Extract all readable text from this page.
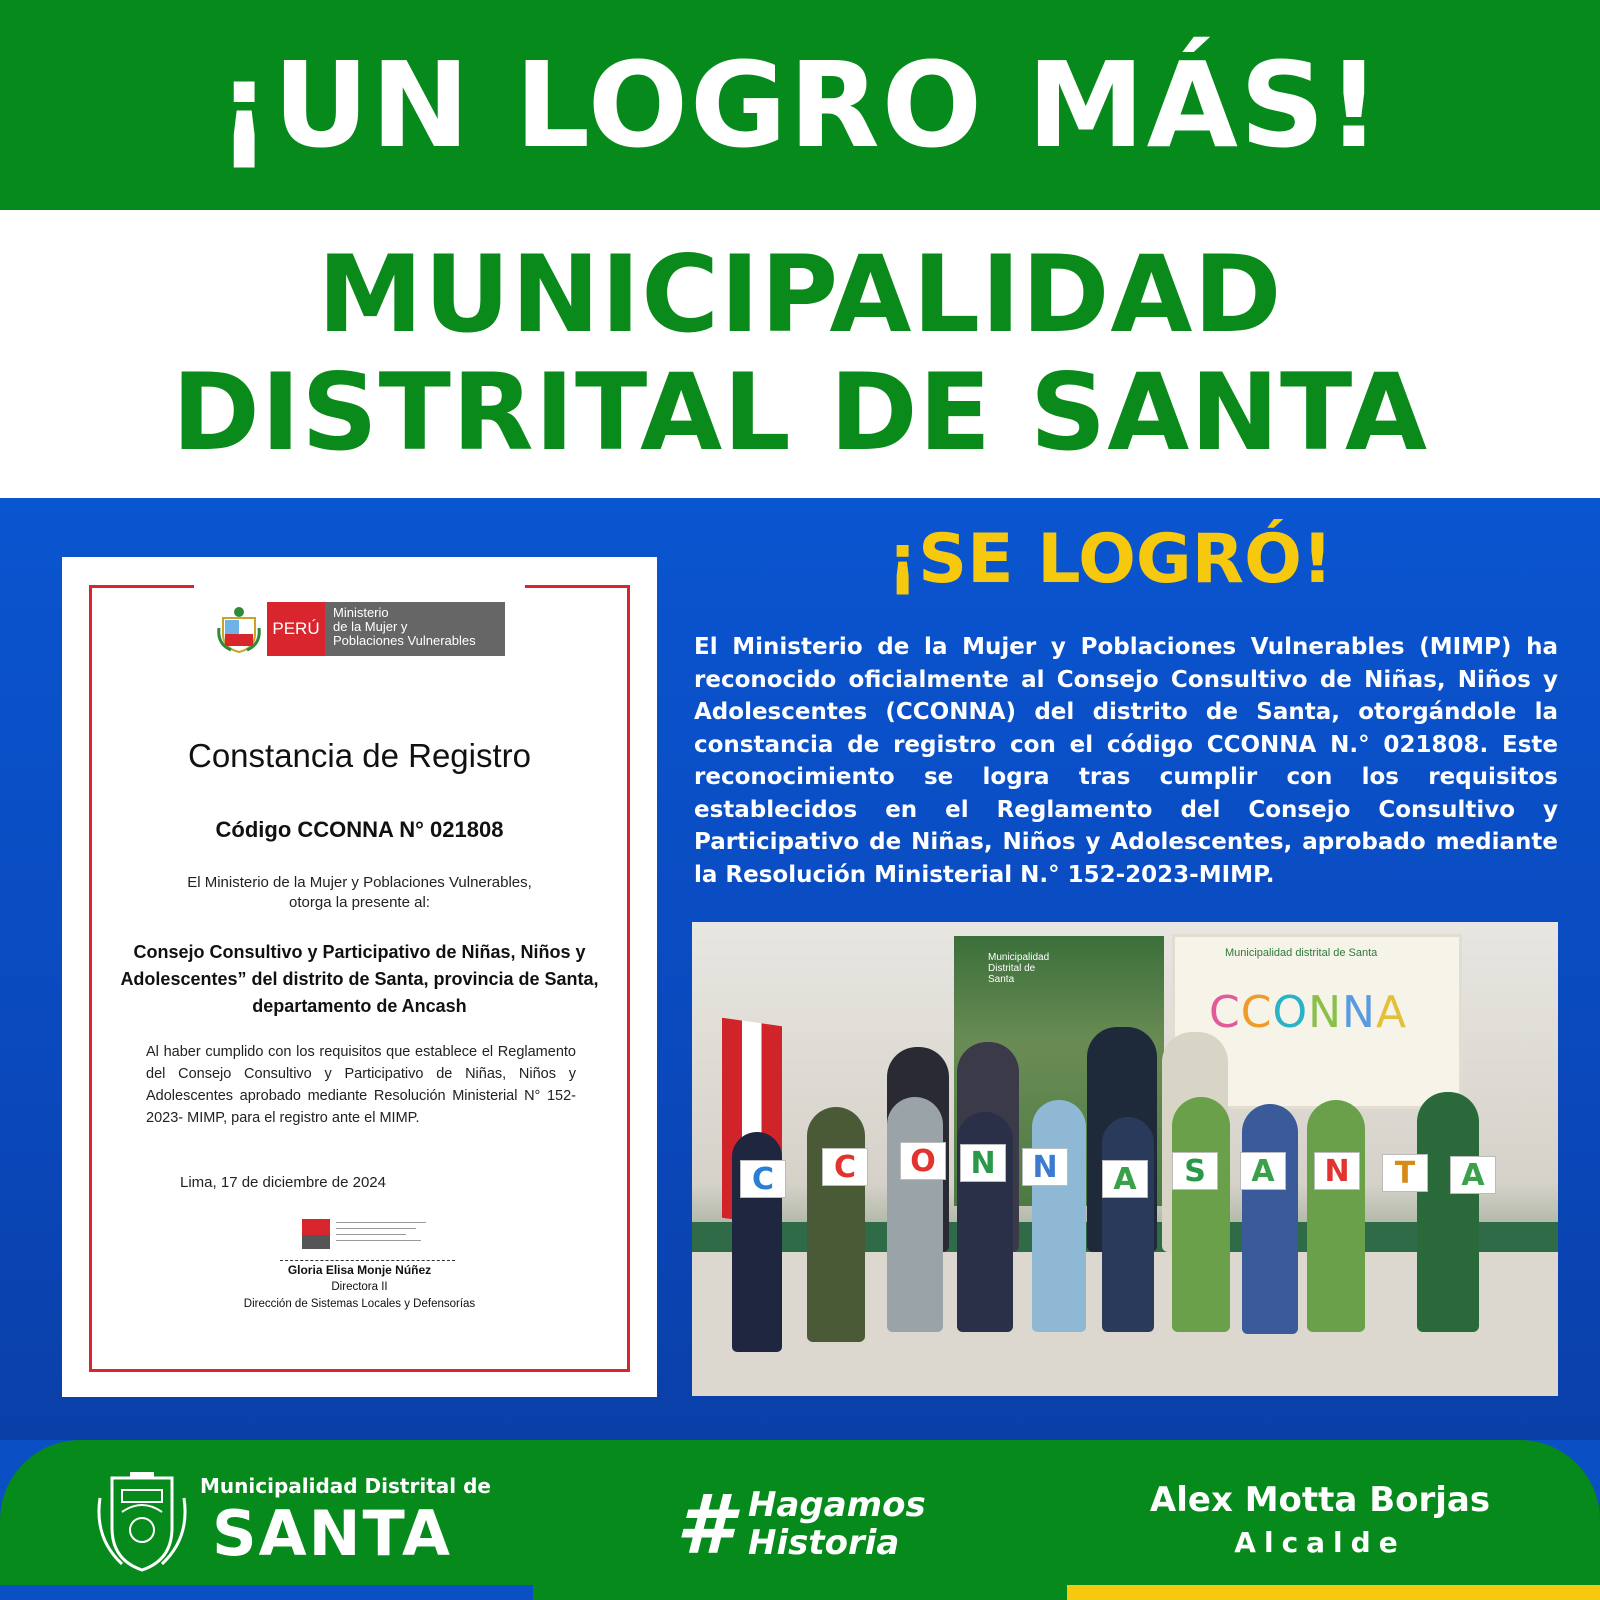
¡UN LOGRO MÁS!
MUNICIPALIDAD
DISTRITAL DE SANTA
PERÚ
Ministerio
de la Mujer y
Poblaciones Vulnerables
Constancia de Registro
Código CCONNA N° 021808
El Ministerio de la Mujer y Poblaciones Vulnerables,
otorga la presente al:
Consejo Consultivo y Participativo de Niñas, Niños y Adolescentes” del distrito de Santa, provincia de Santa, departamento de Ancash
Al haber cumplido con los requisitos que establece el Reglamento del Consejo Consultivo y Participativo de Niñas, Niños y Adolescentes aprobado mediante Resolución Ministerial N° 152- 2023- MIMP, para el registro ante el MIMP.
Lima, 17 de diciembre de 2024
Gloria Elisa Monje Núñez
Directora II
Dirección de Sistemas Locales y Defensorías
¡SE LOGRÓ!
El Ministerio de la Mujer y Poblaciones Vulnerables (MIMP) ha reconocido oficialmente al Consejo Consultivo de Niñas, Niños y Adolescentes (CCONNA) del distrito de Santa, otorgándole la constancia de registro con el código CCONNA N.° 021808. Este reconocimiento se logra tras cumplir con los requisitos establecidos en el Reglamento del Consejo Consultivo y Participativo de Niñas, Niños y Adolescentes, aprobado mediante la Resolución Ministerial N.° 152-2023-MIMP.
Municipalidad Distrital de Santa
Municipalidad distrital de Santa
CCONNA
C	C	O	N	N	A	S	A	N	T	A
Municipalidad Distrital de
SANTA	# Hagamos
Historia
Alex Motta Borjas
Alcalde
